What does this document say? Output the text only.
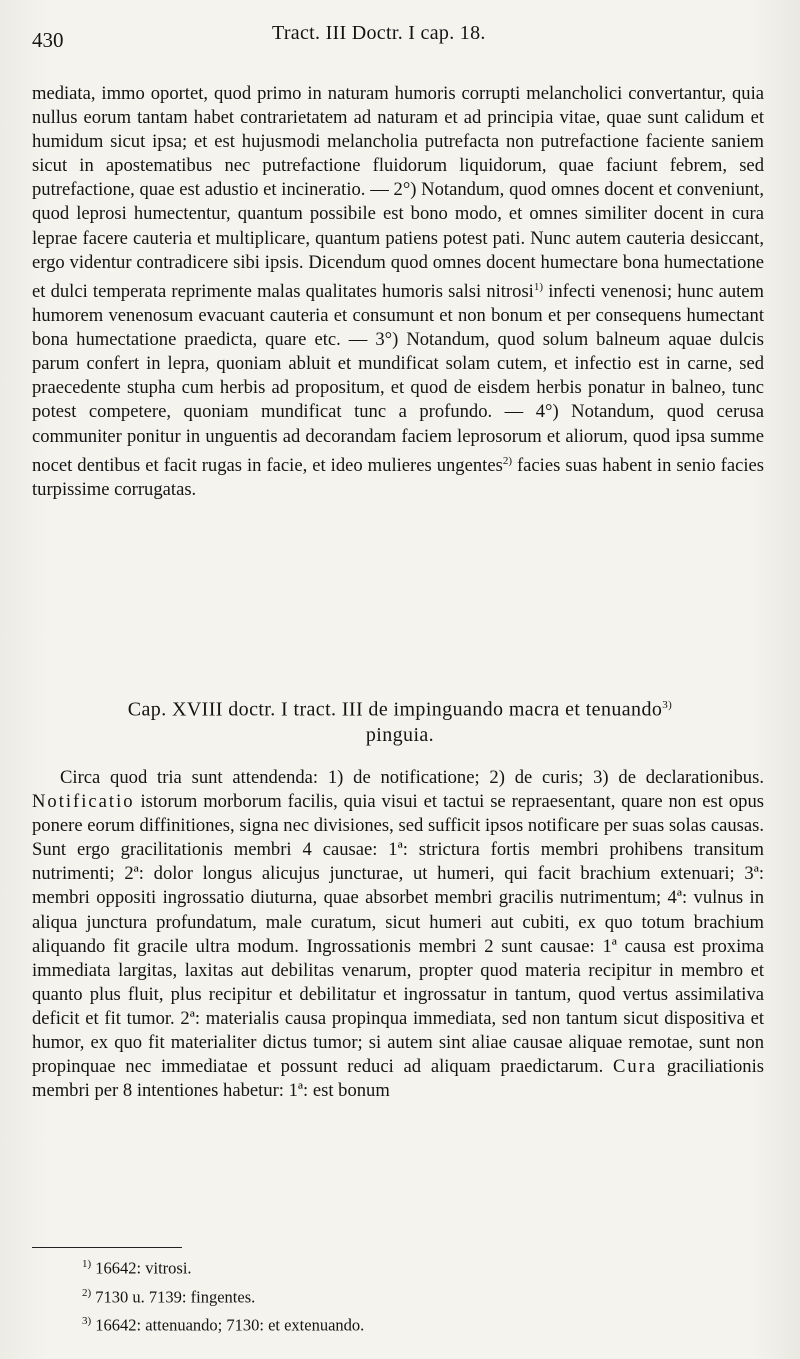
430	Tract. III Doctr. I cap. 18.

mediata, immo oportet, quod primo in naturam humoris corrupti melancholici convertantur, quia nullus eorum tantam habet contrarietatem ad naturam et ad principia vitae, quae sunt calidum et humidum sicut ipsa; et est hujusmodi melancholia putrefacta non putrefactione faciente saniem sicut in apostematibus nec putrefactione fluidorum liquidorum, quae faciunt febrem, sed putrefactione, quae est adustio et incineratio. — 2°) Notandum, quod omnes docent et conveniunt, quod leprosi humectentur, quantum possibile est bono modo, et omnes similiter docent in cura leprae facere cauteria et multiplicare, quantum patiens potest pati. Nunc autem cauteria desiccant, ergo videntur contradicere sibi ipsis. Dicendum quod omnes docent humectare bona humectatione et dulci temperata reprimente malas qualitates humoris salsi nitrosi$^{1)}$ infecti venenosi; hunc autem humorem venenosum evacuant cauteria et consumunt et non bonum et per consequens humectant bona humectatione praedicta, quare etc. — 3°) Notandum, quod solum balneum aquae dulcis parum confert in lepra, quoniam abluit et mundificat solam cutem, et infectio est in carne, sed praecedente stupha cum herbis ad propositum, et quod de eisdem herbis ponatur in balneo, tunc potest competere, quoniam mundificat tunc a profundo. — 4°) Notandum, quod cerusa communiter ponitur in unguentis ad decorandam faciem leprosorum et aliorum, quod ipsa summe nocet dentibus et facit rugas in facie, et ideo mulieres ungentes$^{2)}$ facies suas habent in senio facies turpissime corrugatas.

Cap. XVIII doctr. I tract. III de impinguando macra et tenuando$^{3)}$
pinguia.

Circa quod tria sunt attendenda: 1) de notificatione; 2) de curis; 3) de declarationibus. Notificatio istorum morborum facilis, quia visui et tactui se repraesentant, quare non est opus ponere eorum diffinitiones, signa nec divisiones, sed sufficit ipsos notificare per suas solas causas. Sunt ergo gracilitationis membri 4 causae: 1ª: strictura fortis membri prohibens transitum nutrimenti; 2ª: dolor longus alicujus juncturae, ut humeri, qui facit brachium extenuari; 3ª: membri oppositi ingrossatio diuturna, quae absorbet membri gracilis nutrimentum; 4ª: vulnus in aliqua junctura profundatum, male curatum, sicut humeri aut cubiti, ex quo totum brachium aliquando fit gracile ultra modum. Ingrossationis membri 2 sunt causae: 1ª causa est proxima immediata largitas, laxitas aut debilitas venarum, propter quod materia recipitur in membro et quanto plus fluit, plus recipitur et debilitatur et ingrossatur in tantum, quod vertus assimilativa deficit et fit tumor. 2ª: materialis causa propinqua immediata, sed non tantum sicut dispositiva et humor, ex quo fit materialiter dictus tumor; si autem sint aliae causae aliquae remotae, sunt non propinquae nec immediatae et possunt reduci ad aliquam praedictarum. Cura graciliationis membri per 8 intentiones habetur: 1ª: est bonum

$^{1)}$ 16642: vitrosi.
$^{2)}$ 7130 u. 7139: fingentes.
$^{3)}$ 16642: attenuando; 7130: et extenuando.
